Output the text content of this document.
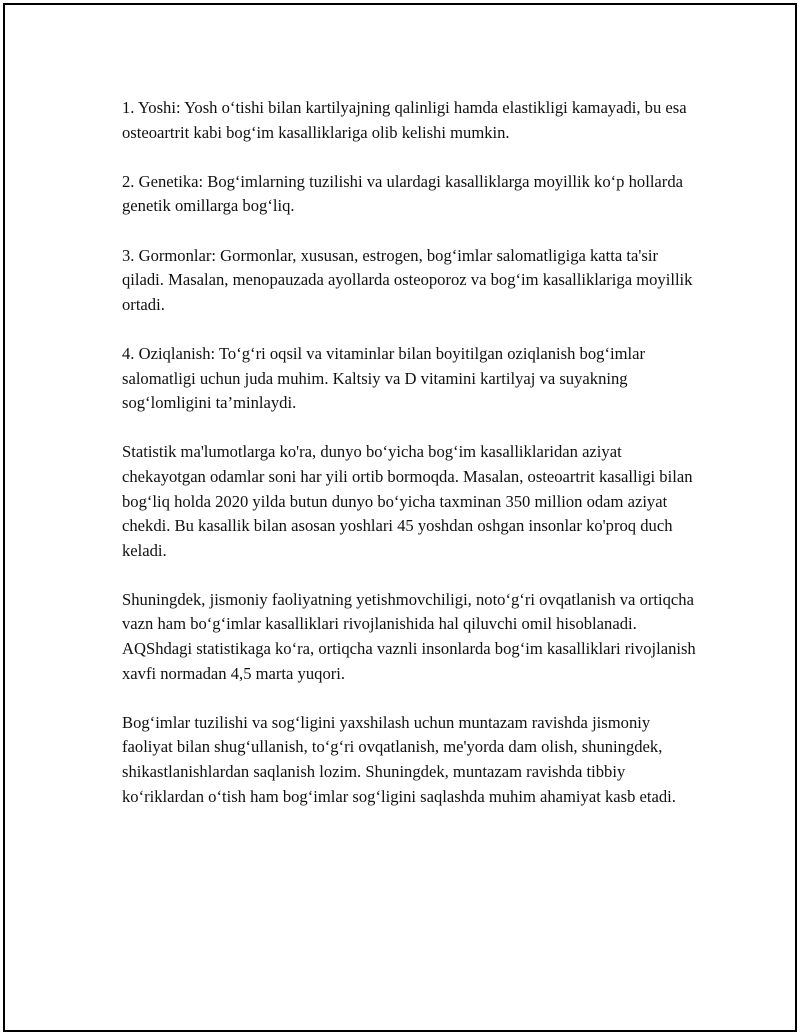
1. Yoshi: Yosh oʻtishi bilan kartilyajning qalinligi hamda elastikligi kamayadi, bu esa osteoartrit kabi bogʻim kasalliklariga olib kelishi mumkin.

2. Genetika: Bogʻimlarning tuzilishi va ulardagi kasalliklarga moyillik koʻp hollarda genetik omillarga bogʻliq.

3. Gormonlar: Gormonlar, xususan, estrogen, bogʻimlar salomatligiga katta ta'sir qiladi. Masalan, menopauzada ayollarda osteoporoz va bogʻim kasalliklariga moyillik ortadi.

4. Oziqlanish: Toʻgʻri oqsil va vitaminlar bilan boyitilgan oziqlanish bogʻimlar salomatligi uchun juda muhim. Kaltsiy va D vitamini kartilyaj va suyakning sogʻlomligini ta’minlaydi.

Statistik ma'lumotlarga ko'ra, dunyo boʻyicha bogʻim kasalliklaridan aziyat chekayotgan odamlar soni har yili ortib bormoqda. Masalan, osteoartrit kasalligi bilan bogʻliq holda 2020 yilda butun dunyo boʻyicha taxminan 350 million odam aziyat chekdi. Bu kasallik bilan asosan yoshlari 45 yoshdan oshgan insonlar ko'proq duch keladi.

Shuningdek, jismoniy faoliyatning yetishmovchiligi, notoʻgʻri ovqatlanish va ortiqcha vazn ham boʻgʻimlar kasalliklari rivojlanishida hal qiluvchi omil hisoblanadi. AQShdagi statistikaga koʻra, ortiqcha vaznli insonlarda bogʻim kasalliklari rivojlanish xavfi normadan 4,5 marta yuqori.

Bogʻimlar tuzilishi va sogʻligini yaxshilash uchun muntazam ravishda jismoniy faoliyat bilan shugʻullanish, toʻgʻri ovqatlanish, me'yorda dam olish, shuningdek, shikastlanishlardan saqlanish lozim. Shuningdek, muntazam ravishda tibbiy koʻriklardan oʻtish ham bogʻimlar sogʻligini saqlashda muhim ahamiyat kasb etadi.
